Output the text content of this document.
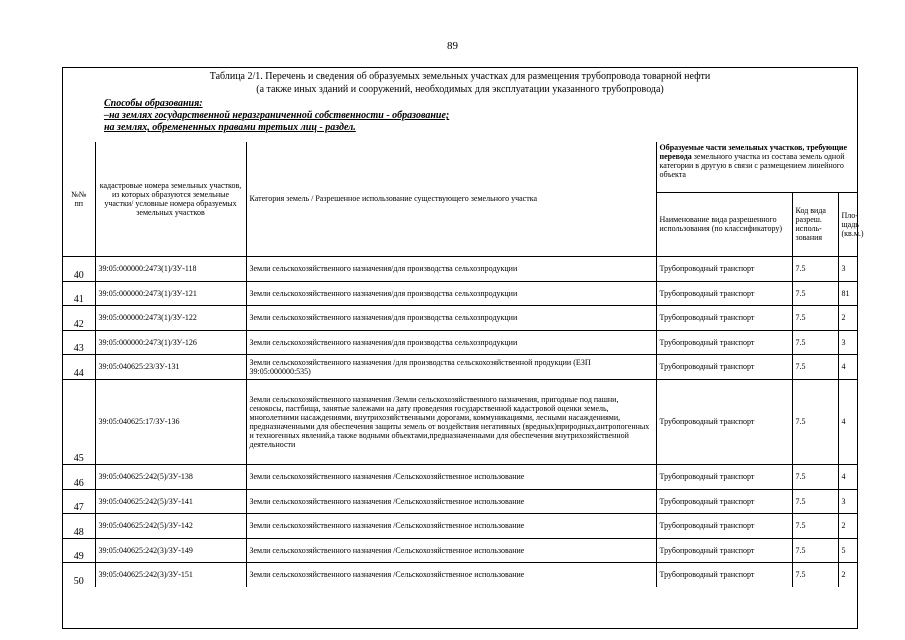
89
Таблица 2/1. Перечень и сведения об образуемых земельных участках для размещения трубопровода товарной нефти
(а также иных зданий и сооружений, необходимых для эксплуатации указанного трубопровода)
Способы образования:
–на землях государственной неразграниченной собственности - образование;
на землях, обремененных правами третьих лиц - раздел.
№№ пп	кадастровые номера земельных участков, из которых образуются земельные участки/ условные номера образуемых земельных участков	Категория земель / Разрешенное использование существующего земельного участка	Образуемые части земельных участков, требующие перевода земельного участка из состава земель одной категории в другую в связи с размещением линейного объекта		
			Наименование вида разрешенного использования (по классификатору)	Код вида разреш. исполь-зования	Пло-щадь (кв.м.)
40	39:05:000000:2473(1)/ЗУ-118	Земли сельскохозяйственного назначения/для производства сельхозпродукции	Трубопроводный транспорт	7.5	3
41	39:05:000000:2473(1)/ЗУ-121	Земли сельскохозяйственного назначения/для производства сельхозпродукции	Трубопроводный транспорт	7.5	81
42	39:05:000000:2473(1)/ЗУ-122	Земли сельскохозяйственного назначения/для производства сельхозпродукции	Трубопроводный транспорт	7.5	2
43	39:05:000000:2473(1)/ЗУ-126	Земли сельскохозяйственного назначения/для производства сельхозпродукции	Трубопроводный транспорт	7.5	3
44	39:05:040625:23/ЗУ-131	Земли сельскохозяйственного назначения /для производства сельскохозяйственной продукции (ЕЗП 39:05:000000:535)	Трубопроводный транспорт	7.5	4
45	39:05:040625:17/ЗУ-136	Земли сельскохозяйственного назначения /Земли сельскохозяйственного назначения, пригодные под пашни, сенокосы, пастбища, занятые залежами на дату проведения государственной кадастровой оценки земель, многолетними насаждениями, внутрихозяйственными дорогами, коммуникациями, лесными насаждениями, предназначенными для обеспечения защиты земель от воздействия негативных (вредных)природных,антропогенных и техногенных явлений,а также водными объектами,предназначенными для обеспечения внутрихозяйственной деятельности	Трубопроводный транспорт	7.5	4
46	39:05:040625:242(5)/ЗУ-138	Земли сельскохозяйственного назначения /Сельскохозяйственное использование	Трубопроводный транспорт	7.5	4
47	39:05:040625:242(5)/ЗУ-141	Земли сельскохозяйственного назначения /Сельскохозяйственное использование	Трубопроводный транспорт	7.5	3
48	39:05:040625:242(5)/ЗУ-142	Земли сельскохозяйственного назначения /Сельскохозяйственное использование	Трубопроводный транспорт	7.5	2
49	39:05:040625:242(3)/ЗУ-149	Земли сельскохозяйственного назначения /Сельскохозяйственное использование	Трубопроводный транспорт	7.5	5
50	39:05:040625:242(3)/ЗУ-151	Земли сельскохозяйственного назначения /Сельскохозяйственное использование	Трубопроводный транспорт	7.5	2
